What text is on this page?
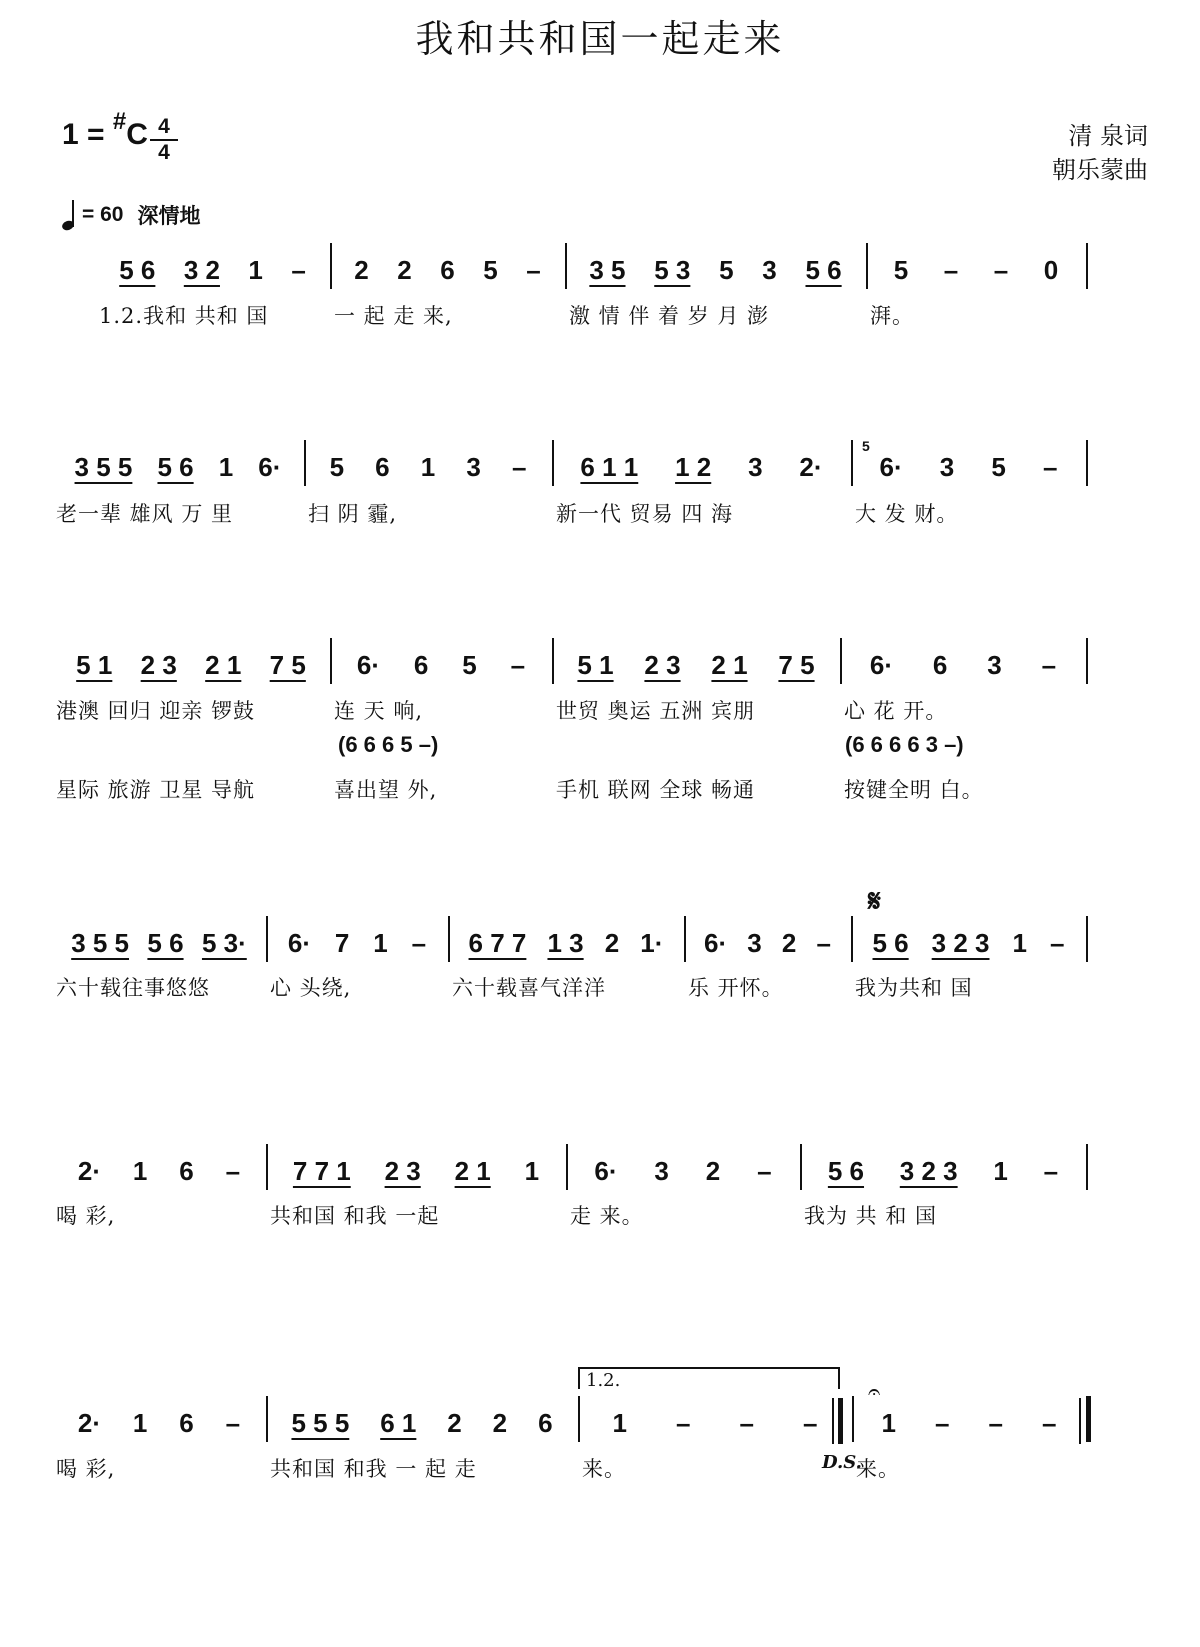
我和共和国一起走来
1 = #C 4
4
清 泉词
朝乐蒙曲
= 60 深情地
5 6 3 2 1 –
1.2.我和 共和 国
2 2 6 5 –
一 起 走 来,
3 5 5 3 5 3 5 6
激 情 伴 着 岁 月 澎
5 – – 0
湃。
3 5 5 5 6 1 6·
老一辈 雄风 万 里
5 6 1 3 –
扫 阴 霾,
6 1 1 1 2 3 2·
新一代 贸易 四 海
6· 3 5 –
大 发 财。
5
5 1 2 3 2 1 7 5
港澳 回归 迎亲 锣鼓
星际 旅游 卫星 导航
6· 6 5 –
连 天 响,
喜出望 外,
5 1 2 3 2 1 7 5
世贸 奥运 五洲 宾朋
手机 联网 全球 畅通
6· 6 3 –
心 花 开。
按键全明 白。
(6 6 6 5 –)	(6 6 6 6 3 –)
3 5 5 5 6 5 3·
六十载往事悠悠
6· 7 1 –
心 头绕,
6 7 7 1 3 2 1·
六十载喜气洋洋
6· 3 2 –
乐 开怀。
5 6 3 2 3 1 –
我为共和 国
2· 1 6 –
喝 彩,
7 7 1 2 3 2 1 1
共和国 和我 一起
6· 3 2 –
走 来。
5 6 3 2 3 1 –
我为 共 和 国
2· 1 6 –
喝 彩,
5 5 5 6 1 2 2 6
共和国 和我 一 起 走
1 – – –
来。
1 – – –
来。
𝄋
1.2.
D.S.
𝄐
